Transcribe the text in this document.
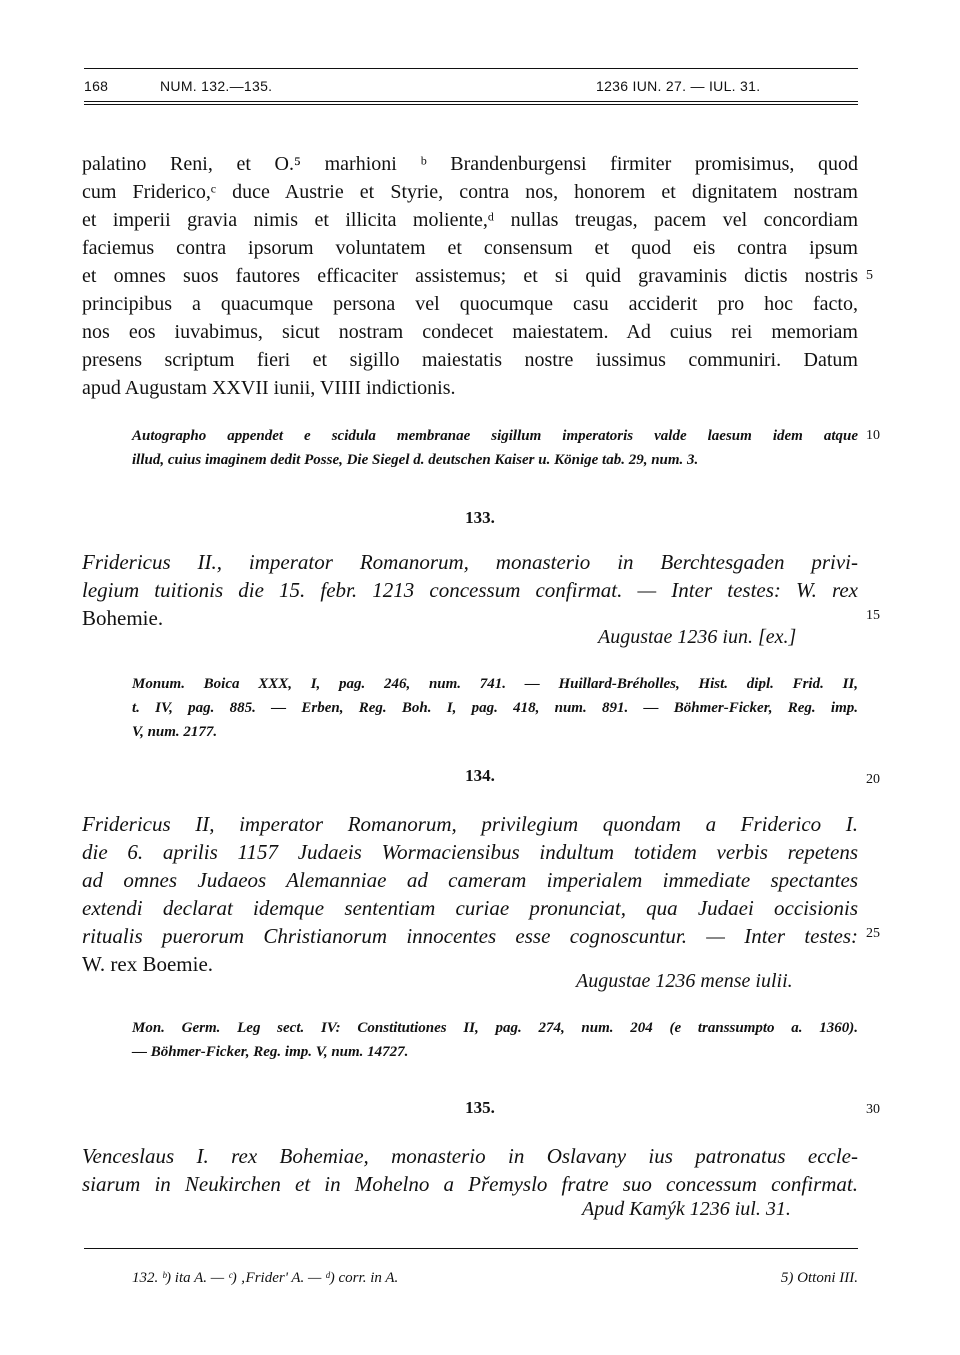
168	NUM. 132.—135.	1236 IUN. 27. — IUL. 31.
palatino Reni, et O.⁵ marhioni ᵇ Brandenburgensi firmiter promisimus, quod
cum Friderico,ᶜ duce Austrie et Styrie, contra nos, honorem et dignitatem nostram
et imperii gravia nimis et illicita moliente,ᵈ nullas treugas, pacem vel concordiam
faciemus contra ipsorum voluntatem et consensum et quod eis contra ipsum
et omnes suos fautores efficaciter assistemus; et si quid gravaminis dictis nostris
principibus a quacumque persona vel quocumque casu acciderit pro hoc facto,
nos eos iuvabimus, sicut nostram condecet maiestatem. Ad cuius rei memoriam
presens scriptum fieri et sigillo maiestatis nostre iussimus communiri. Datum
apud Augustam XXVII iunii, VIIII indictionis.
Autographo appendet e scidula membranae sigillum imperatoris valde laesum idem atque
illud, cuius imaginem dedit Posse, Die Siegel d. deutschen Kaiser u. Könige tab. 29, num. 3.
133.
Fridericus II., imperator Romanorum, monasterio in Berchtesgaden privi-
legium tuitionis die 15. febr. 1213 concessum confirmat. — Inter testes: W. rex
Bohemie.
Augustae 1236 iun. [ex.]
Monum. Boica XXX, I, pag. 246, num. 741. — Huillard-Bréholles, Hist. dipl. Frid. II,
t. IV, pag. 885. — Erben, Reg. Boh. I, pag. 418, num. 891. — Böhmer-Ficker, Reg. imp.
V, num. 2177.
134.
Fridericus II, imperator Romanorum, privilegium quondam a Friderico I.
die 6. aprilis 1157 Judaeis Wormaciensibus indultum totidem verbis repetens
ad omnes Judaeos Alemanniae ad cameram imperialem immediate spectantes
extendi declarat idemque sententiam curiae pronunciat, qua Judaei occisionis
ritualis puerorum Christianorum innocentes esse cognoscuntur. — Inter testes:
W. rex Boemie.
Augustae 1236 mense iulii.
Mon. Germ. Leg sect. IV: Constitutiones II, pag. 274, num. 204 (e transsumpto a. 1360).
— Böhmer-Ficker, Reg. imp. V, num. 14727.
135.
Venceslaus I. rex Bohemiae, monasterio in Oslavany ius patronatus eccle-
siarum in Neukirchen et in Mohelno a Přemyslo fratre suo concessum confirmat.
Apud Kamýk 1236 iul. 31.
5
10
15
20
25
30
132. ᵇ) ita A. — ᶜ) ‚Frider' A. — ᵈ) corr. in A.	5) Ottoni III.
